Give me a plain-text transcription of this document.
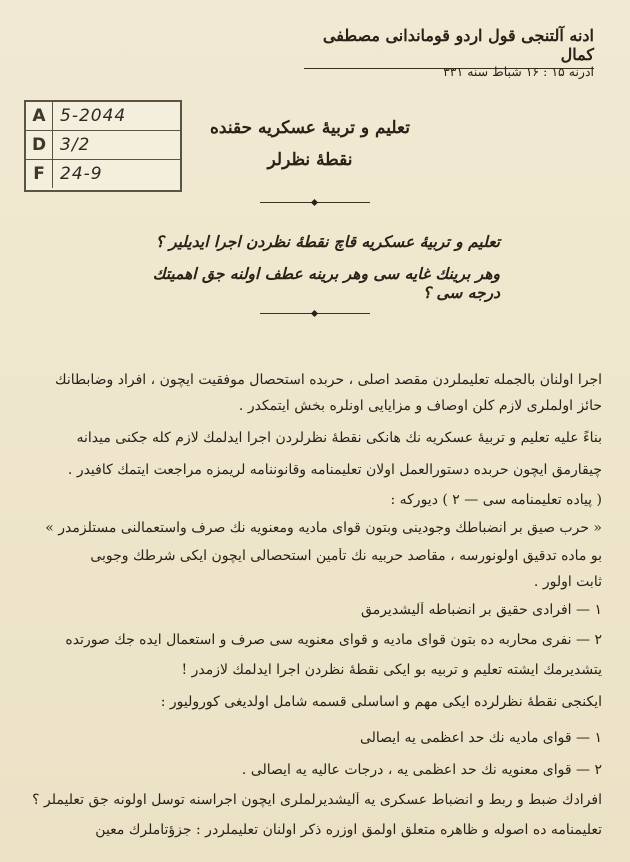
ادنه آلتنجی قول اردو قوماندانی مصطفی کمال
ادرنه ۱۵ : ۱۶ شباط سنه ۳۳۱
A 5-2044
D 3/2
F 24-9
تعلیم و تربیهٔ عسکریه حقنده
نقطهٔ نظرلر
تعلیم و تربیهٔ عسکریه قاچ نقطهٔ نظردن اجرا ایدیلیر ؟
وهر برینك غایه سی وهر برینه عطف اولنه جق اهمیتك درجه سی ؟
اجرا اولنان بالجمله تعلیملردن مقصد اصلی ، حربده استحصال موفقیت ایچون ، افراد وضابطانك
حائز اولملری لازم کلن اوصاف و مزایایی اونلره بخش ایتمکدر .
بناءً علیه تعلیم و تربیهٔ عسکریه نك هانکی نقطهٔ نظرلردن اجرا ایدلمك لازم کله جکنی میدانه
چیقارمق ایچون حربده دستورالعمل اولان تعلیمنامه وقانوننامه لریمزه مراجعت ایتمك کافیدر .
( پیاده تعلیمنامه سی — ۲ ) دیورکه :
« حرب صیق بر انضباطك وجودینی وبتون قوای مادیه ومعنویه نك صرف واستعمالنی مستلزمدر »
بو ماده تدقیق اولونورسه ، مقاصد حربیه نك تأمین استحصالی ایچون ایکی شرطك وجوبی
ثابت اولور .
۱ — افرادی حقیق بر انضباطه آلیشدیرمق
۲ — نفری محاربه ده بتون قوای مادیه و قوای معنویه سی صرف و استعمال ایده جك صورتده
یتشدیرمك ایشته تعلیم و تربیه بو ایکی نقطهٔ نظردن اجرا ایدلمك لازمدر !
ایکنجی نقطهٔ نظرلرده ایکی مهم و اساسلی قسمه شامل اولدیغی کوروليور :
۱ — قوای مادیه نك حد اعظمی یه ایصالی
۲ — قوای معنویه نك حد اعظمی یه ، درجات عالیه یه ایصالی .
افرادك ضبط و ربط و انضباط عسکری یه آلیشدیرلملری ایچون اجراسنه توسل اولونه جق تعلیملر ؟
تعلیمنامه ده اصوله و ظاهره متعلق اولمق اوزره ذکر اولنان تعلیملردر : جزؤتاملرك معین
